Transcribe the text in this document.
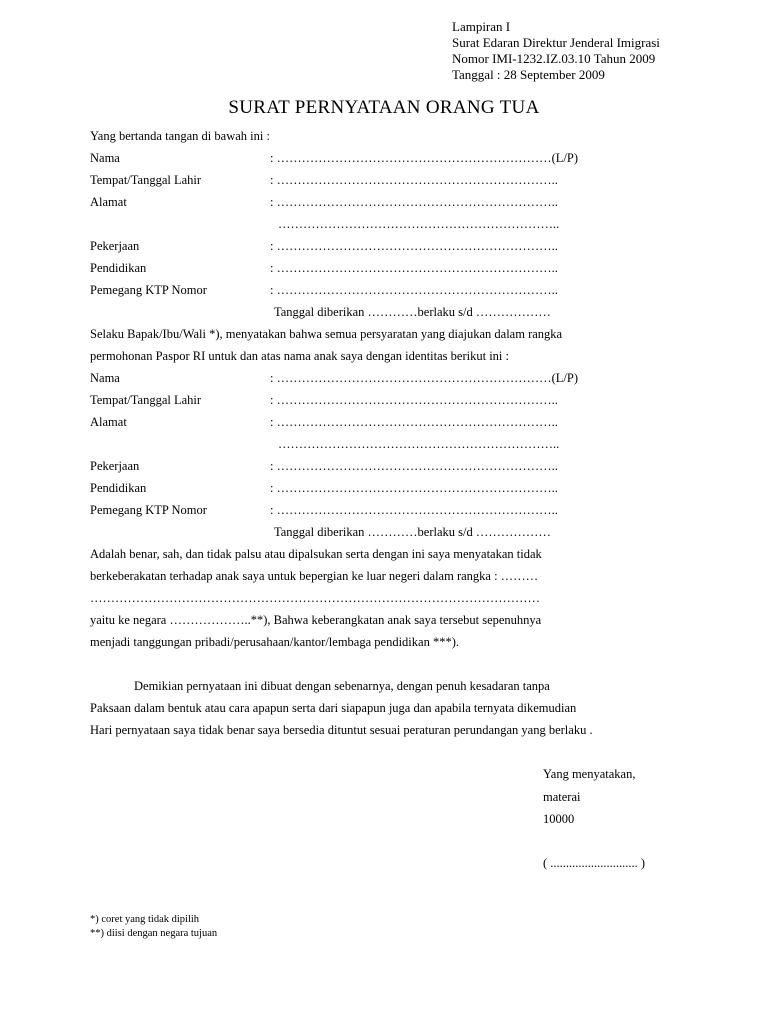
Lampiran I
Surat Edaran Direktur Jenderal Imigrasi
Nomor IMI-1232.IZ.03.10 Tahun 2009
Tanggal : 28 September 2009
SURAT PERNYATAAN ORANG TUA
Yang bertanda tangan di bawah ini :
Nama	: …………………………………………………………(L/P)
Tempat/Tanggal Lahir	: …………………………………………………………..
Alamat	: …………………………………………………………..
…………………………………………………………..
Pekerjaan	: …………………………………………………………..
Pendidikan	: …………………………………………………………..
Pemegang KTP Nomor	: …………………………………………………………..
Tanggal diberikan …………berlaku s/d ………………
Selaku Bapak/Ibu/Wali *), menyatakan bahwa semua persyaratan yang diajukan dalam rangka
permohonan Paspor RI untuk dan atas nama anak saya dengan identitas berikut ini :
Nama	: …………………………………………………………(L/P)
Tempat/Tanggal Lahir	: …………………………………………………………..
Alamat	: …………………………………………………………..
…………………………………………………………..
Pekerjaan	: …………………………………………………………..
Pendidikan	: …………………………………………………………..
Pemegang KTP Nomor	: …………………………………………………………..
Tanggal diberikan …………berlaku s/d ………………
Adalah benar, sah, dan tidak palsu atau dipalsukan serta dengan ini saya menyatakan tidak
berkeberakatan terhadap anak saya untuk bepergian ke luar negeri dalam rangka : ………
………………………………………………………………………………………………
yaitu ke negara ………………..**), Bahwa keberangkatan anak saya tersebut sepenuhnya
menjadi tanggungan pribadi/perusahaan/kantor/lembaga pendidikan ***).
Demikian pernyataan ini dibuat dengan sebenarnya, dengan penuh kesadaran tanpa
Paksaan dalam bentuk atau cara apapun serta dari siapapun juga dan apabila ternyata dikemudian
Hari pernyataan saya tidak benar saya bersedia dituntut sesuai peraturan perundangan yang berlaku .
Yang menyatakan,
materai
10000
( ............................ )
*) coret yang tidak dipilih
**) diisi dengan negara tujuan
